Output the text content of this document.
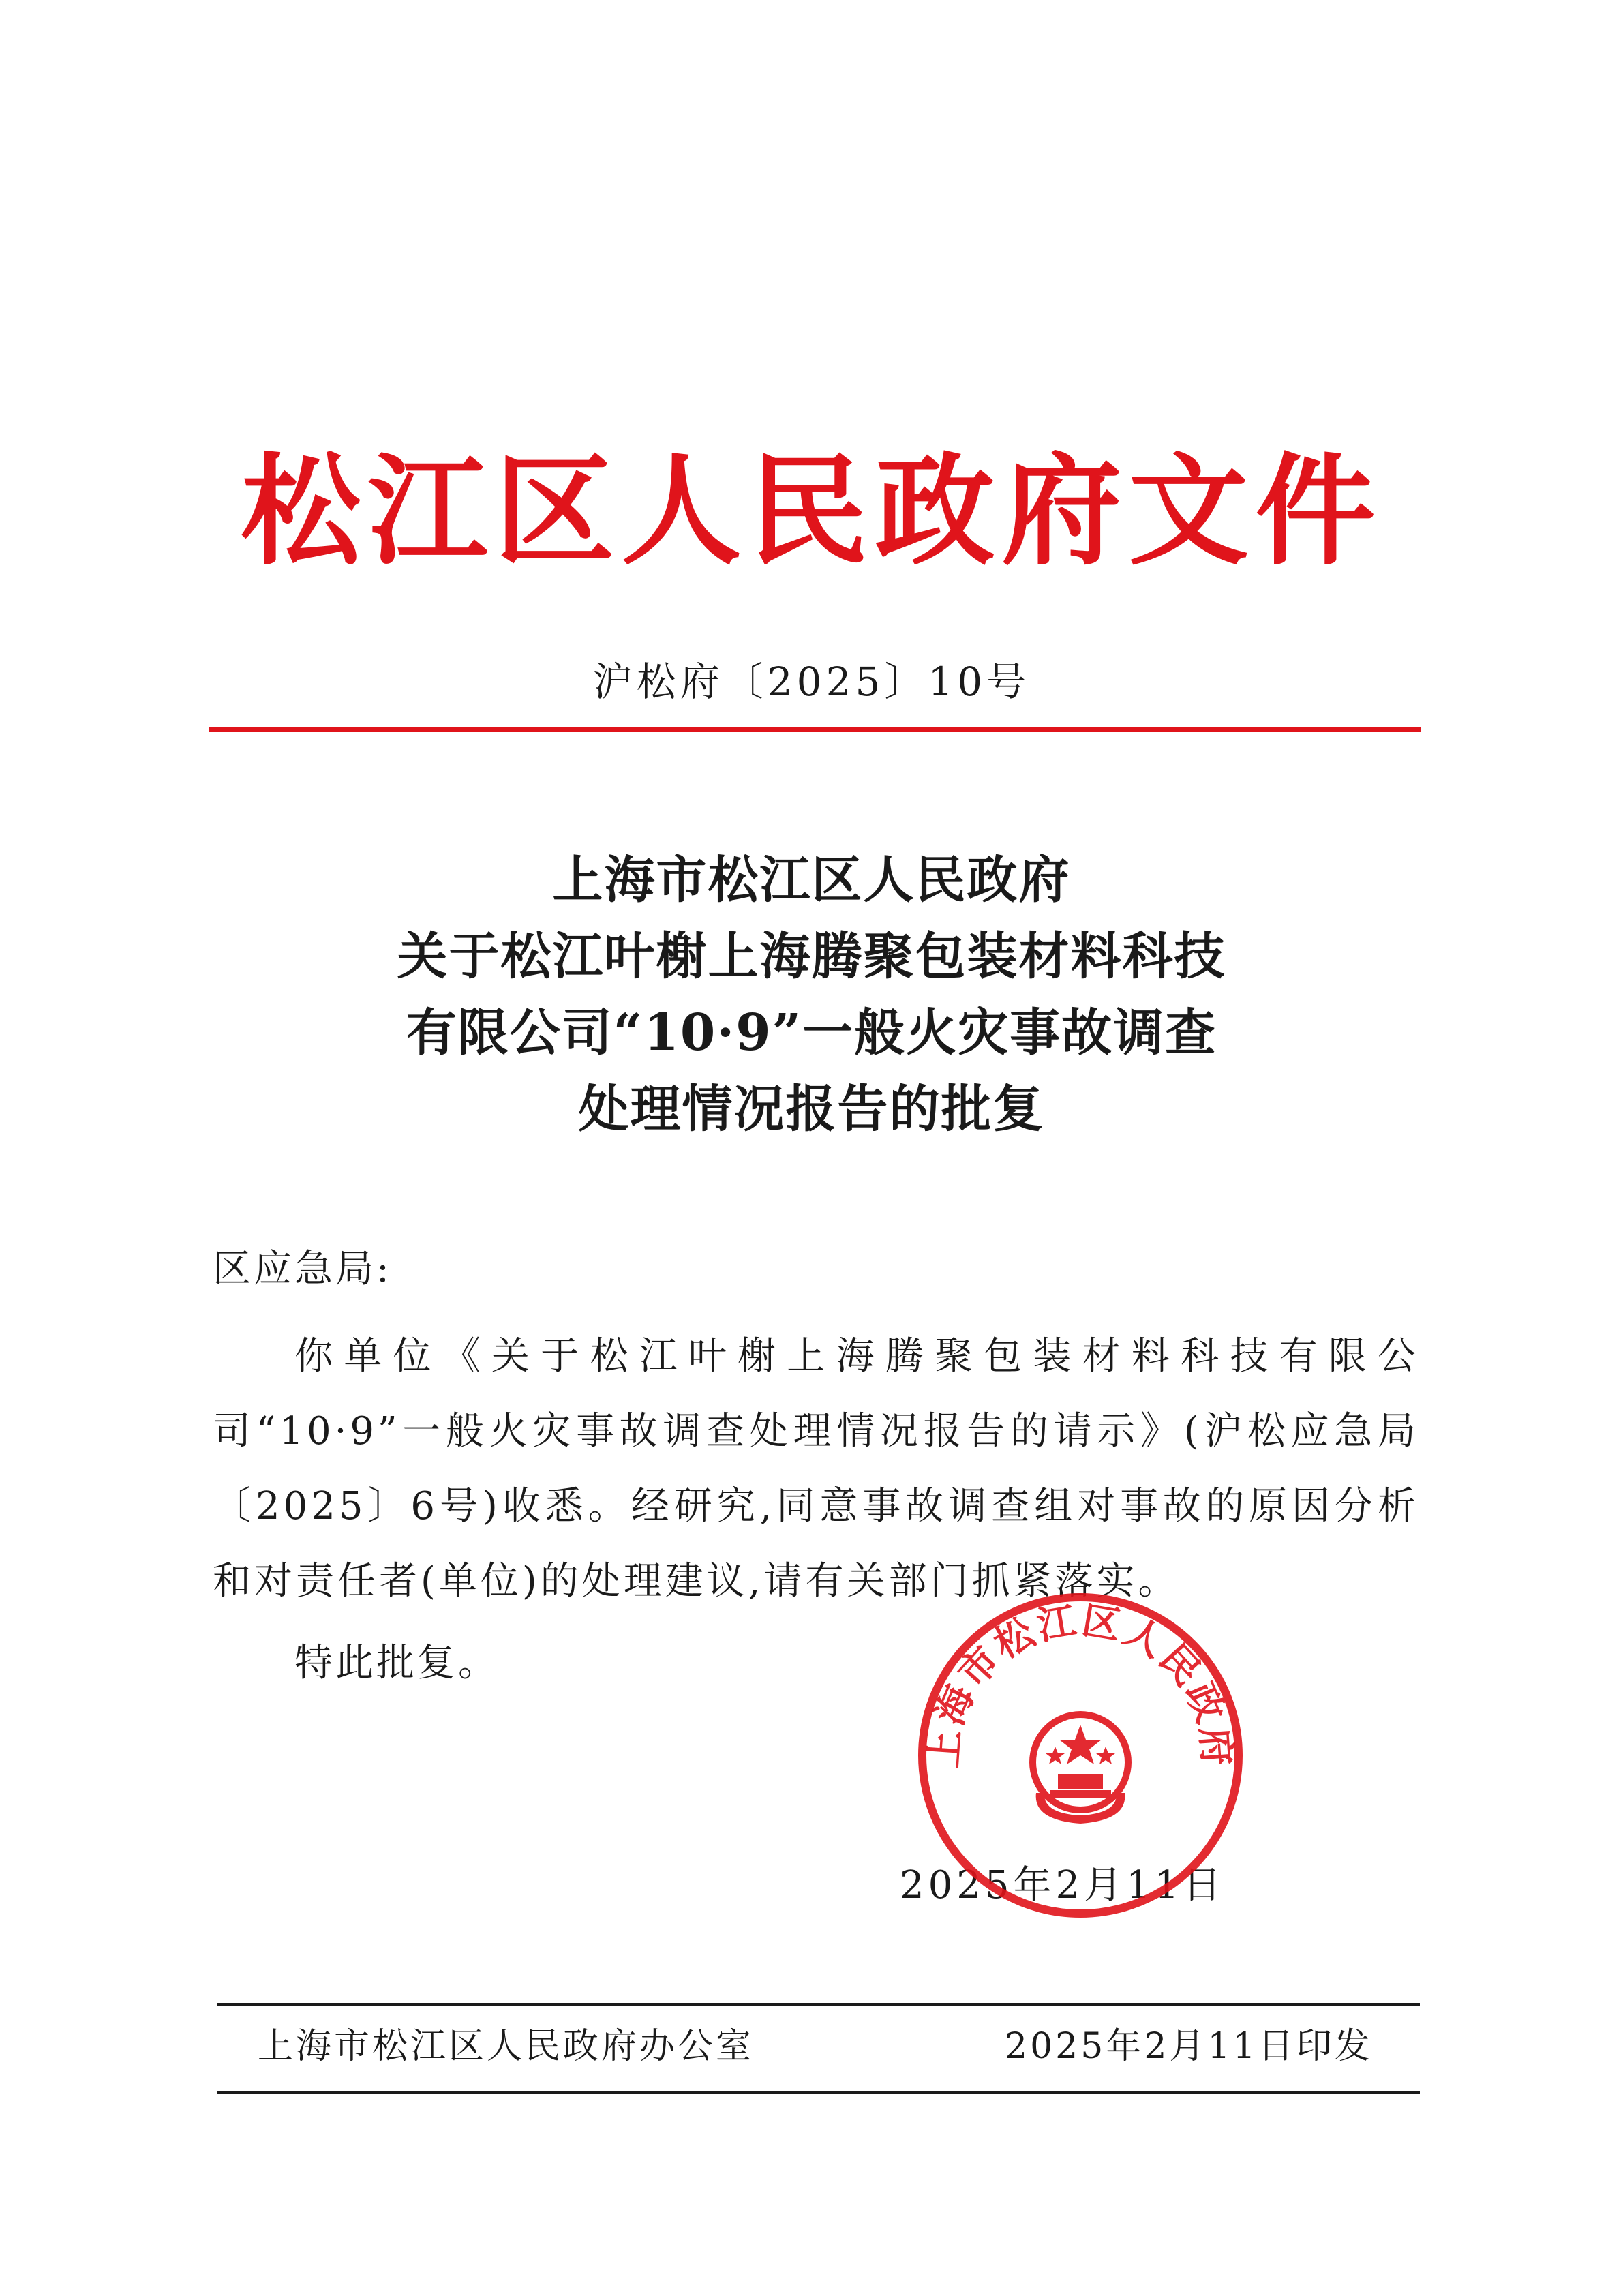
松江区人民政府文件
沪松府〔2025〕10号
上海市松江区人民政府
关于松江叶榭上海腾聚包装材料科技
有限公司“10·9”一般火灾事故调查
处理情况报告的批复
区应急局:
你单位《关于松江叶榭上海腾聚包装材料科技有限公司“10·9”一般火灾事故调查处理情况报告的请示》(沪松应急局〔2025〕6号)收悉。经研究,同意事故调查组对事故的原因分析和对责任者(单位)的处理建议,请有关部门抓紧落实。
特此批复。
2025年2月11日
上海市松江区人民政府
上海市松江区人民政府办公室	2025年2月11日印发
